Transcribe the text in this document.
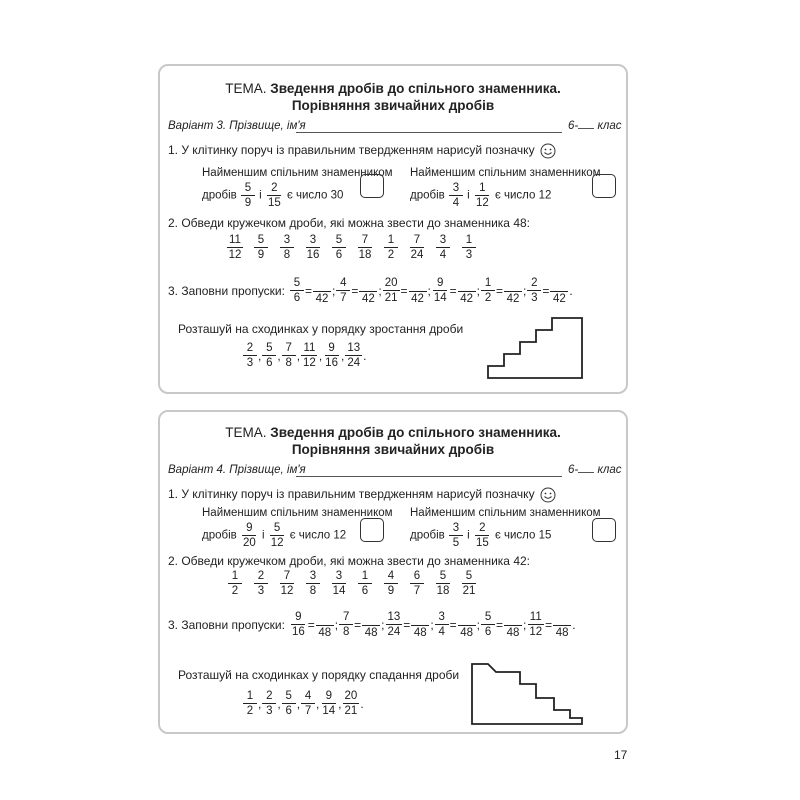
ТЕМА. Зведення дробів до спільного знаменника.
Порівняння звичайних дробів
Варіант 3. Прізвище, ім'я	6- клас
1. У клітинку поруч із правильним твердженням нарисуй позначку
Найменшим спільним знаменником
дробів $\frac{5}{9}$ і $\frac{2}{15}$ є число 30
Найменшим спільним знаменником
дробів $\frac{3}{4}$ і $\frac{1}{12}$ є число 12
2. Обведи кружечком дроби, які можна звести до знаменника 48:
$\frac{11}{12} \frac{5}{9} \frac{3}{8} \frac{3}{16} \frac{5}{6} \frac{7}{18} \frac{1}{2} \frac{7}{24} \frac{3}{4} \frac{1}{3}$
3. Заповни пропуски: $\frac{5}{6}$ =
42
; $\frac{4}{7}$ =
42
; $\frac{20}{21}$ =
42
; $\frac{9}{14}$ =
42
; $\frac{1}{2}$ =
42
; $\frac{2}{3}$ =
42
.
Розташуй на сходинках у порядку зростання дроби
$\frac{2}{3}$ , $\frac{5}{6}$ , $\frac{7}{8}$ , $\frac{11}{12}$ , $\frac{9}{16}$ , $\frac{13}{24}$ .
ТЕМА. Зведення дробів до спільного знаменника.
Порівняння звичайних дробів
Варіант 4. Прізвище, ім'я	6- клас
1. У клітинку поруч із правильним твердженням нарисуй позначку
Найменшим спільним знаменником
дробів $\frac{9}{20}$ і $\frac{5}{12}$ є число 12
Найменшим спільним знаменником
дробів $\frac{3}{5}$ і $\frac{2}{15}$ є число 15
2. Обведи кружечком дроби, які можна звести до знаменника 42:
$\frac{1}{2} \frac{2}{3} \frac{7}{12} \frac{3}{8} \frac{3}{14} \frac{1}{6} \frac{4}{9} \frac{6}{7} \frac{5}{18} \frac{5}{21}$
3. Заповни пропуски: $\frac{9}{16}$ =
48
; $\frac{7}{8}$ =
48
; $\frac{13}{24}$ =
48
; $\frac{3}{4}$ =
48
; $\frac{5}{6}$ =
48
; $\frac{11}{12}$ =
48
.
Розташуй на сходинках у порядку спадання дроби
$\frac{1}{2}$ , $\frac{2}{3}$ , $\frac{5}{6}$ , $\frac{4}{7}$ , $\frac{9}{14}$ , $\frac{20}{21}$ .
17
